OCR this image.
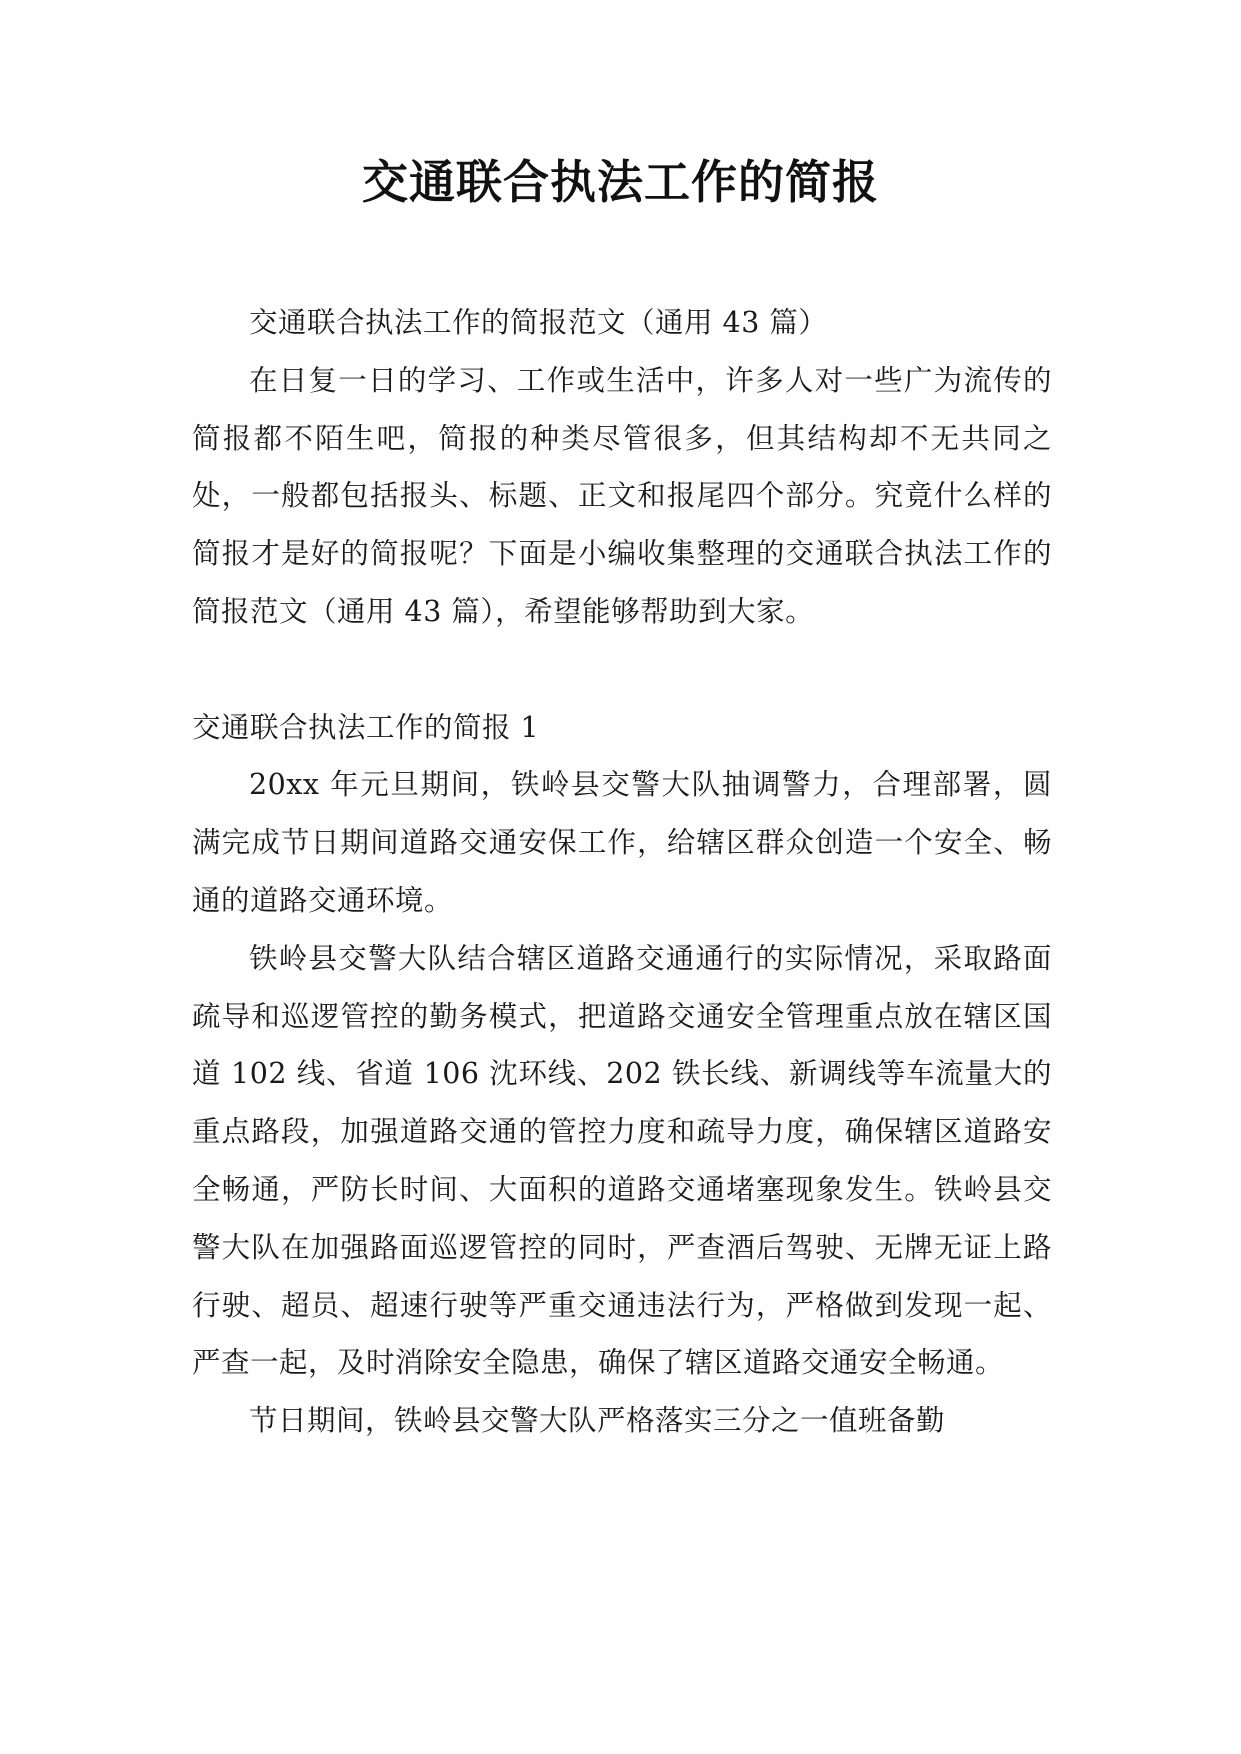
交通联合执法工作的简报

交通联合执法工作的简报范文（通用 43 篇）

在日复一日的学习、工作或生活中，许多人对一些广为流传的简报都不陌生吧，简报的种类尽管很多，但其结构却不无共同之处，一般都包括报头、标题、正文和报尾四个部分。究竟什么样的简报才是好的简报呢？下面是小编收集整理的交通联合执法工作的简报范文（通用 43 篇），希望能够帮助到大家。

交通联合执法工作的简报 1

20xx 年元旦期间，铁岭县交警大队抽调警力，合理部署，圆满完成节日期间道路交通安保工作，给辖区群众创造一个安全、畅通的道路交通环境。

铁岭县交警大队结合辖区道路交通通行的实际情况，采取路面疏导和巡逻管控的勤务模式，把道路交通安全管理重点放在辖区国道 102 线、省道 106 沈环线、202 铁长线、新调线等车流量大的重点路段，加强道路交通的管控力度和疏导力度，确保辖区道路安全畅通，严防长时间、大面积的道路交通堵塞现象发生。铁岭县交警大队在加强路面巡逻管控的同时，严查酒后驾驶、无牌无证上路行驶、超员、超速行驶等严重交通违法行为，严格做到发现一起、严查一起，及时消除安全隐患，确保了辖区道路交通安全畅通。

节日期间，铁岭县交警大队严格落实三分之一值班备勤
